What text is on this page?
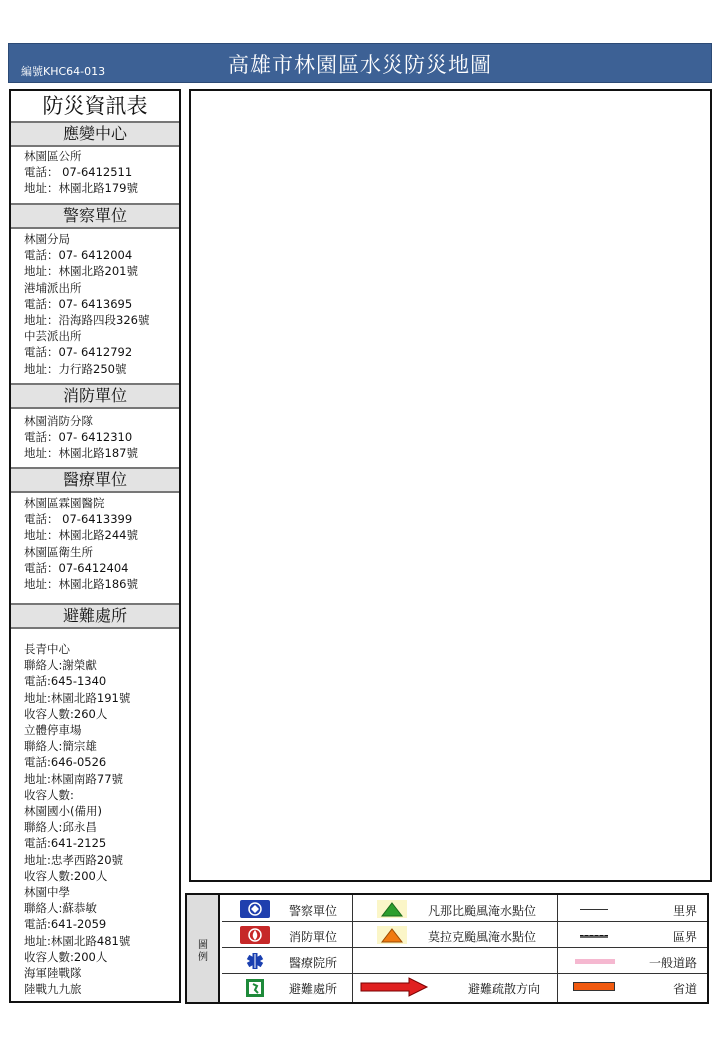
編號KHC64-013	高雄市林園區水災防災地圖
防災資訊表
應變中心
林園區公所
電話： 07-6412511
地址：林園北路179號
警察單位
林園分局
電話：07- 6412004
地址：林園北路201號
港埔派出所
電話：07- 6413695
地址：沿海路四段326號
中芸派出所
電話：07- 6412792
地址：力行路250號
消防單位
林園消防分隊
電話：07- 6412310
地址：林園北路187號
醫療單位
林園區霖園醫院
電話： 07-6413399
地址：林園北路244號
林園區衛生所
電話：07-6412404
地址：林園北路186號
避難處所
長青中心
聯絡人:謝榮獻
電話:645-1340
地址:林園北路191號
收容人數:260人
立體停車場
聯絡人:簡宗雄
電話:646-0526
地址:林園南路77號
收容人數:
林園國小(備用)
聯絡人:邱永昌
電話:641-2125
地址:忠孝西路20號
收容人數:200人
林園中學
聯絡人:蘇恭敏
電話:641-2059
地址:林園北路481號
收容人數:200人
海軍陸戰隊
陸戰九九旅
圖例
警察單位
消防單位
醫療院所
避難處所
凡那比颱風淹水點位
莫拉克颱風淹水點位
避難疏散方向
里界
區界
一般道路
省道
